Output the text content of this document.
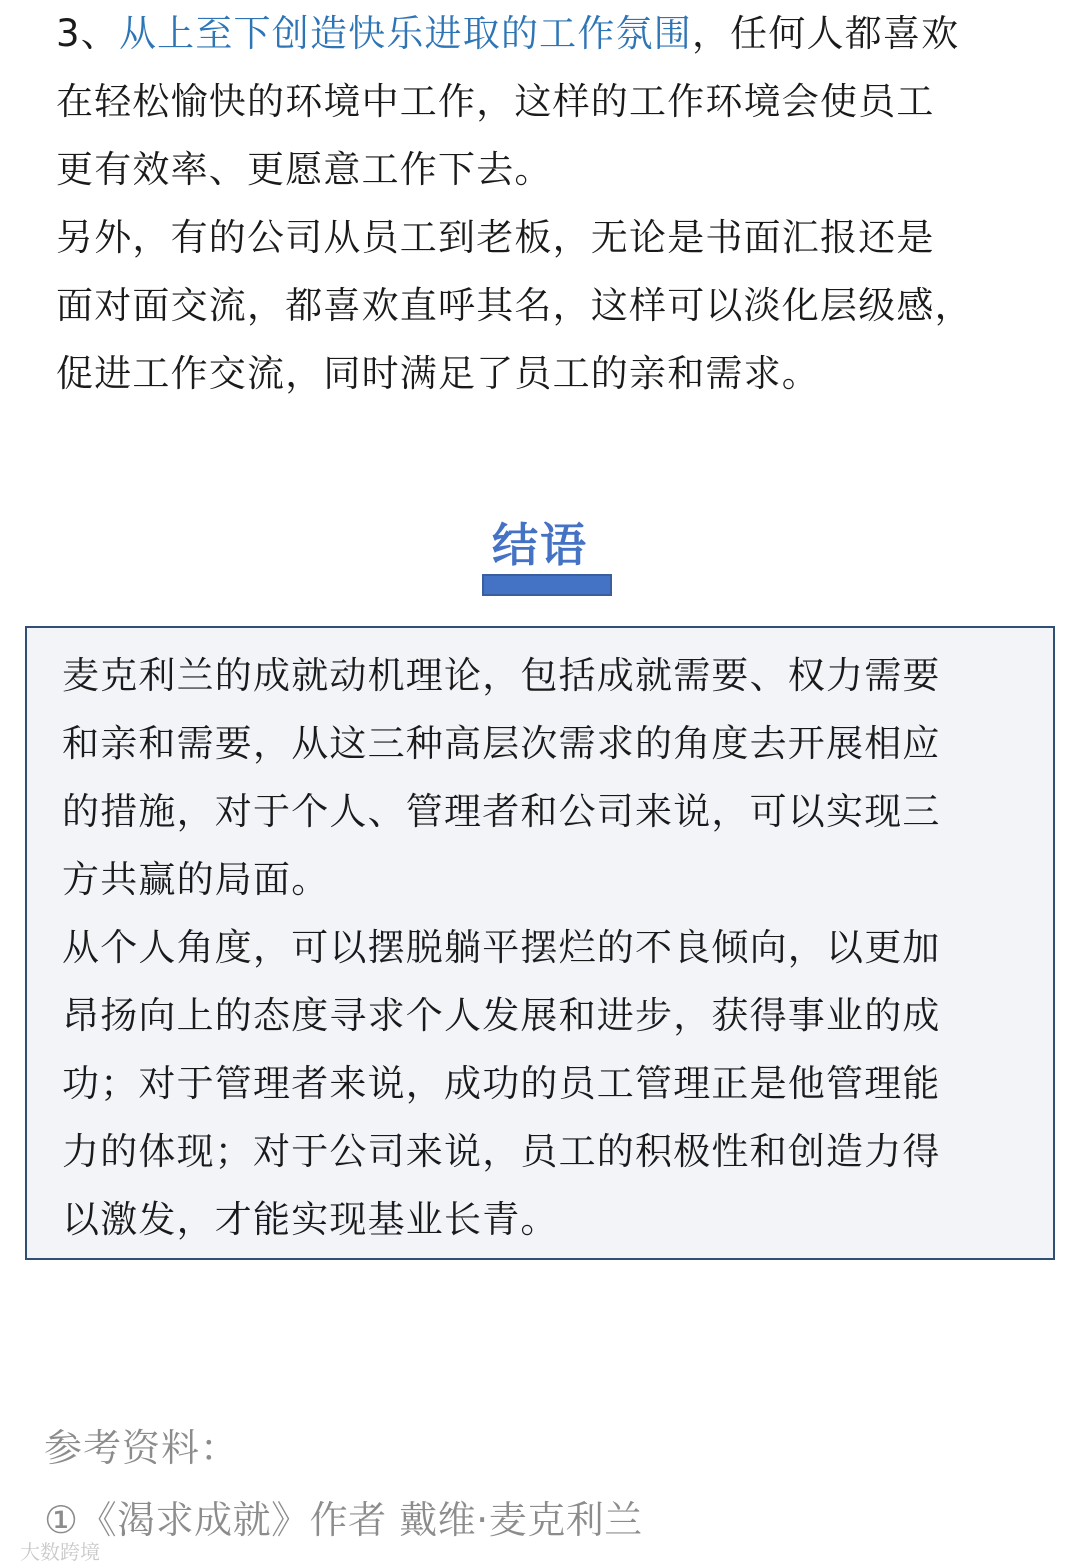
3、从上至下创造快乐进取的工作氛围，任何人都喜欢
在轻松愉快的环境中工作，这样的工作环境会使员工
更有效率、更愿意工作下去。
另外，有的公司从员工到老板，无论是书面汇报还是
面对面交流，都喜欢直呼其名，这样可以淡化层级感，
促进工作交流，同时满足了员工的亲和需求。

结语

麦克利兰的成就动机理论，包括成就需要、权力需要
和亲和需要，从这三种高层次需求的角度去开展相应
的措施，对于个人、管理者和公司来说，可以实现三
方共赢的局面。
从个人角度，可以摆脱躺平摆烂的不良倾向，以更加
昂扬向上的态度寻求个人发展和进步，获得事业的成
功；对于管理者来说，成功的员工管理正是他管理能
力的体现；对于公司来说，员工的积极性和创造力得
以激发，才能实现基业长青。

参考资料：

①《渴求成就》作者 戴维·麦克利兰

大数跨境
